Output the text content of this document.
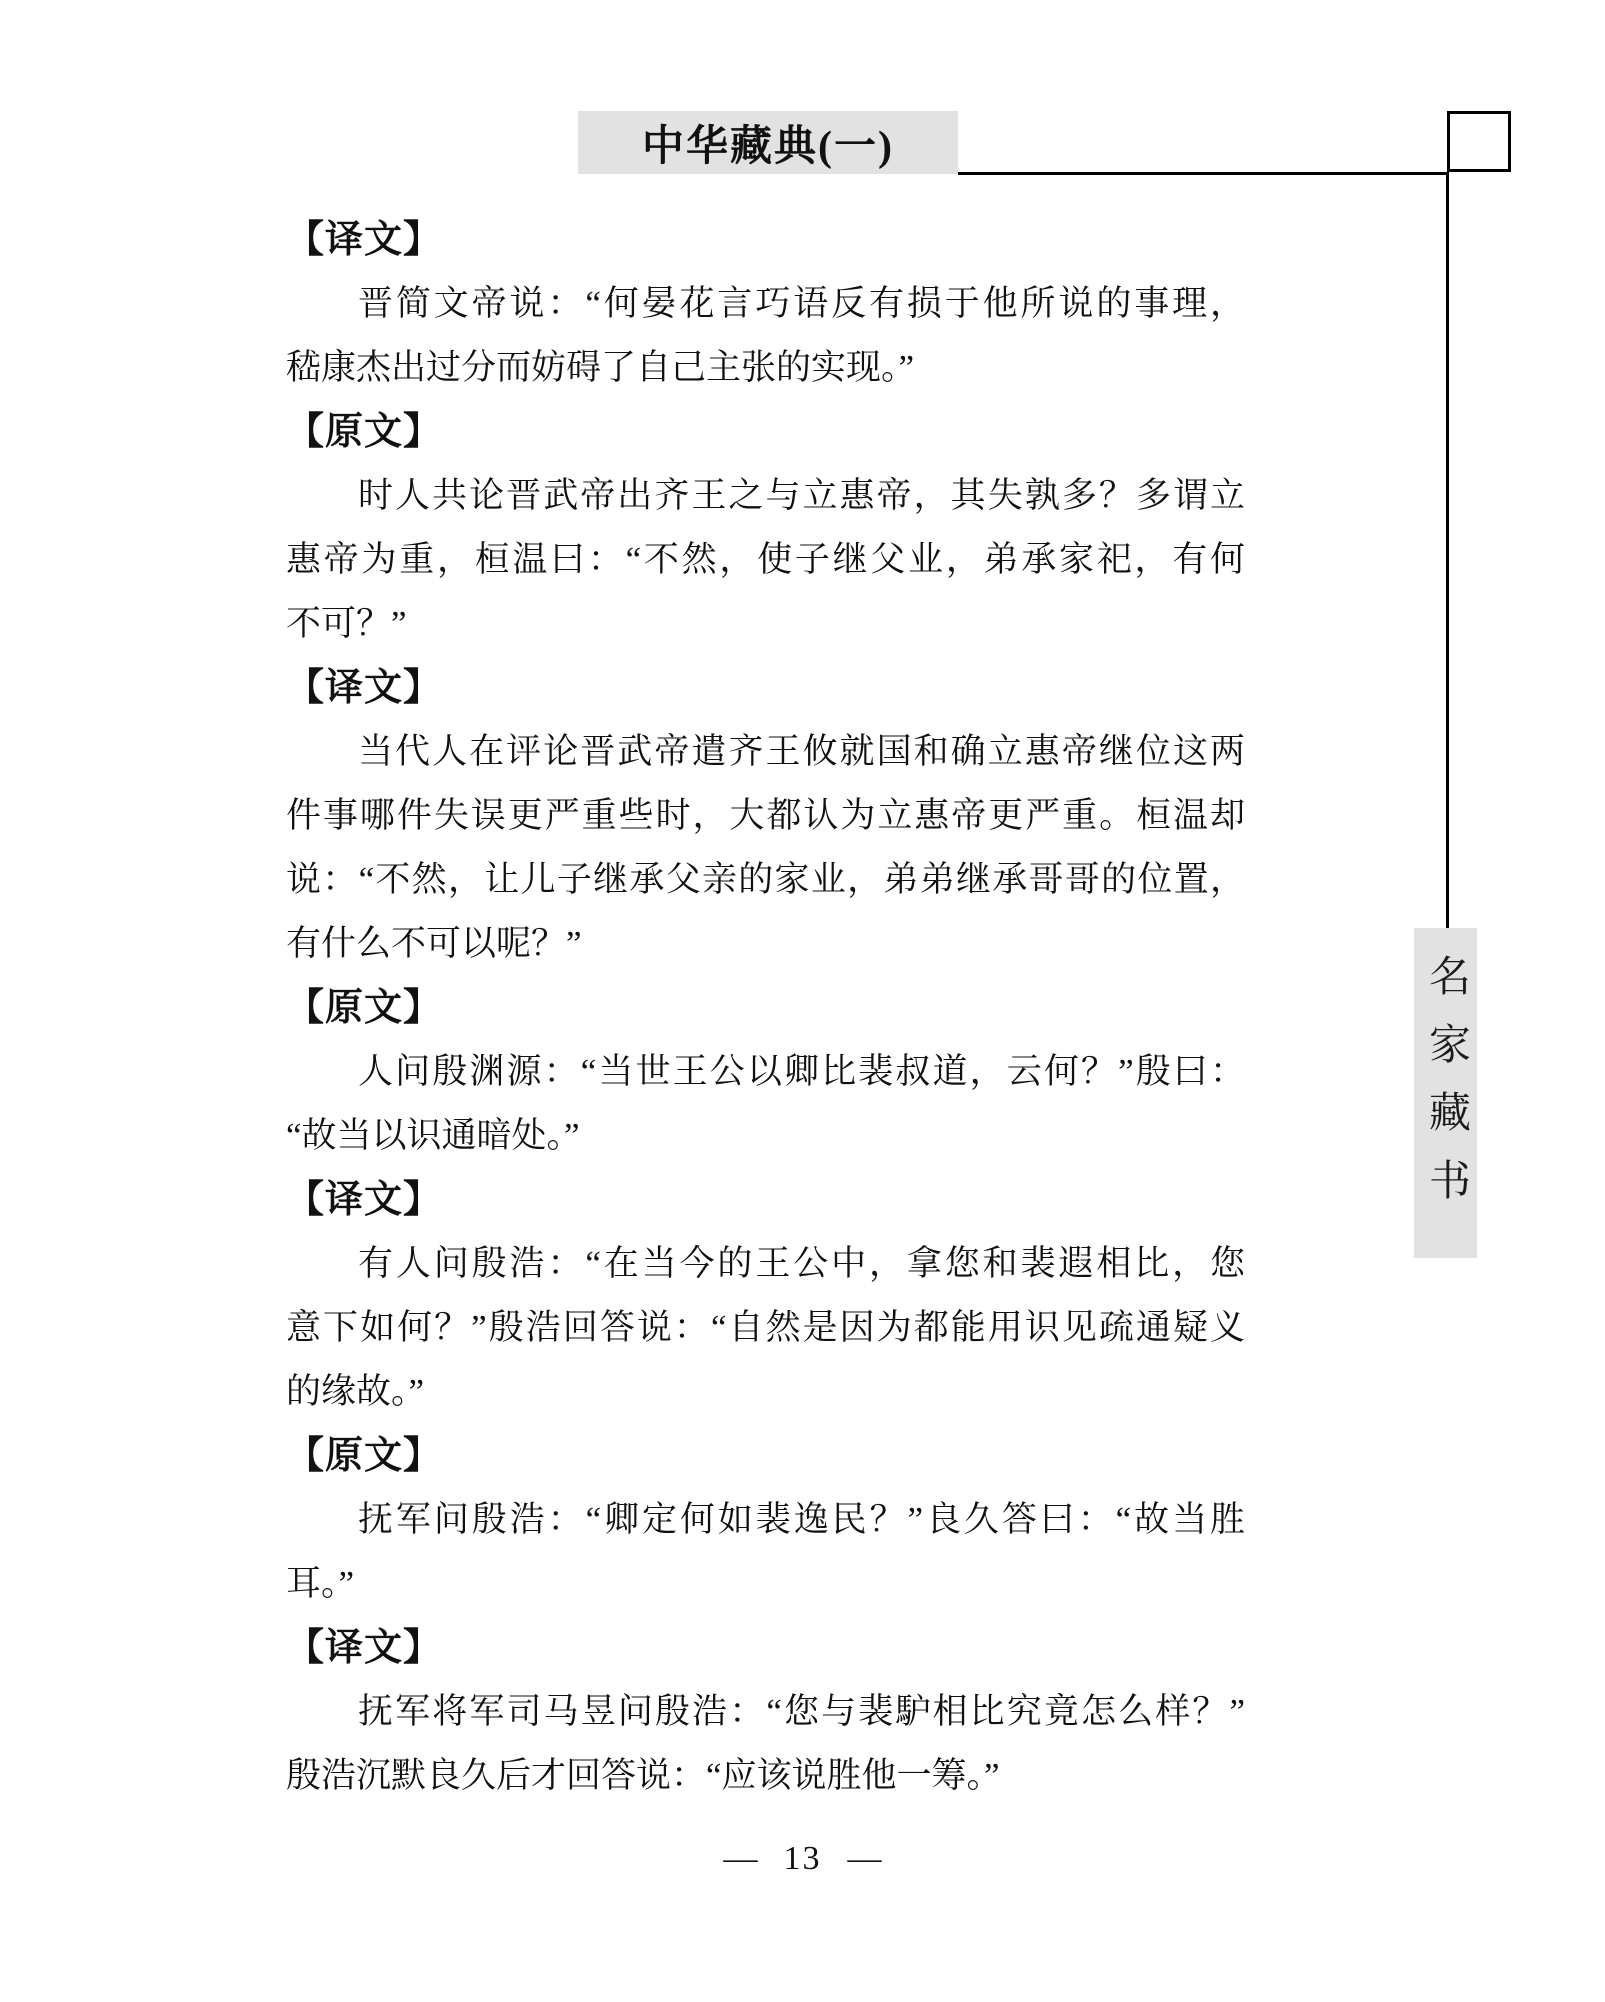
中华藏典(一)
名家藏书
【译文】
晋简文帝说：“何晏花言巧语反有损于他所说的事理，
嵇康杰出过分而妨碍了自己主张的实现。”
【原文】
时人共论晋武帝出齐王之与立惠帝，其失孰多？多谓立
惠帝为重，桓温曰：“不然，使子继父业，弟承家祀，有何
不可？”
【译文】
当代人在评论晋武帝遣齐王攸就国和确立惠帝继位这两
件事哪件失误更严重些时，大都认为立惠帝更严重。桓温却
说：“不然，让儿子继承父亲的家业，弟弟继承哥哥的位置，
有什么不可以呢？”
【原文】
人问殷渊源：“当世王公以卿比裴叔道，云何？”殷曰：
“故当以识通暗处。”
【译文】
有人问殷浩：“在当今的王公中，拿您和裴遐相比，您
意下如何？”殷浩回答说：“自然是因为都能用识见疏通疑义
的缘故。”
【原文】
抚军问殷浩：“卿定何如裴逸民？”良久答曰：“故当胜
耳。”
【译文】
抚军将军司马昱问殷浩：“您与裴馿相比究竟怎么样？”
殷浩沉默良久后才回答说：“应该说胜他一筹。”
— 13 —
